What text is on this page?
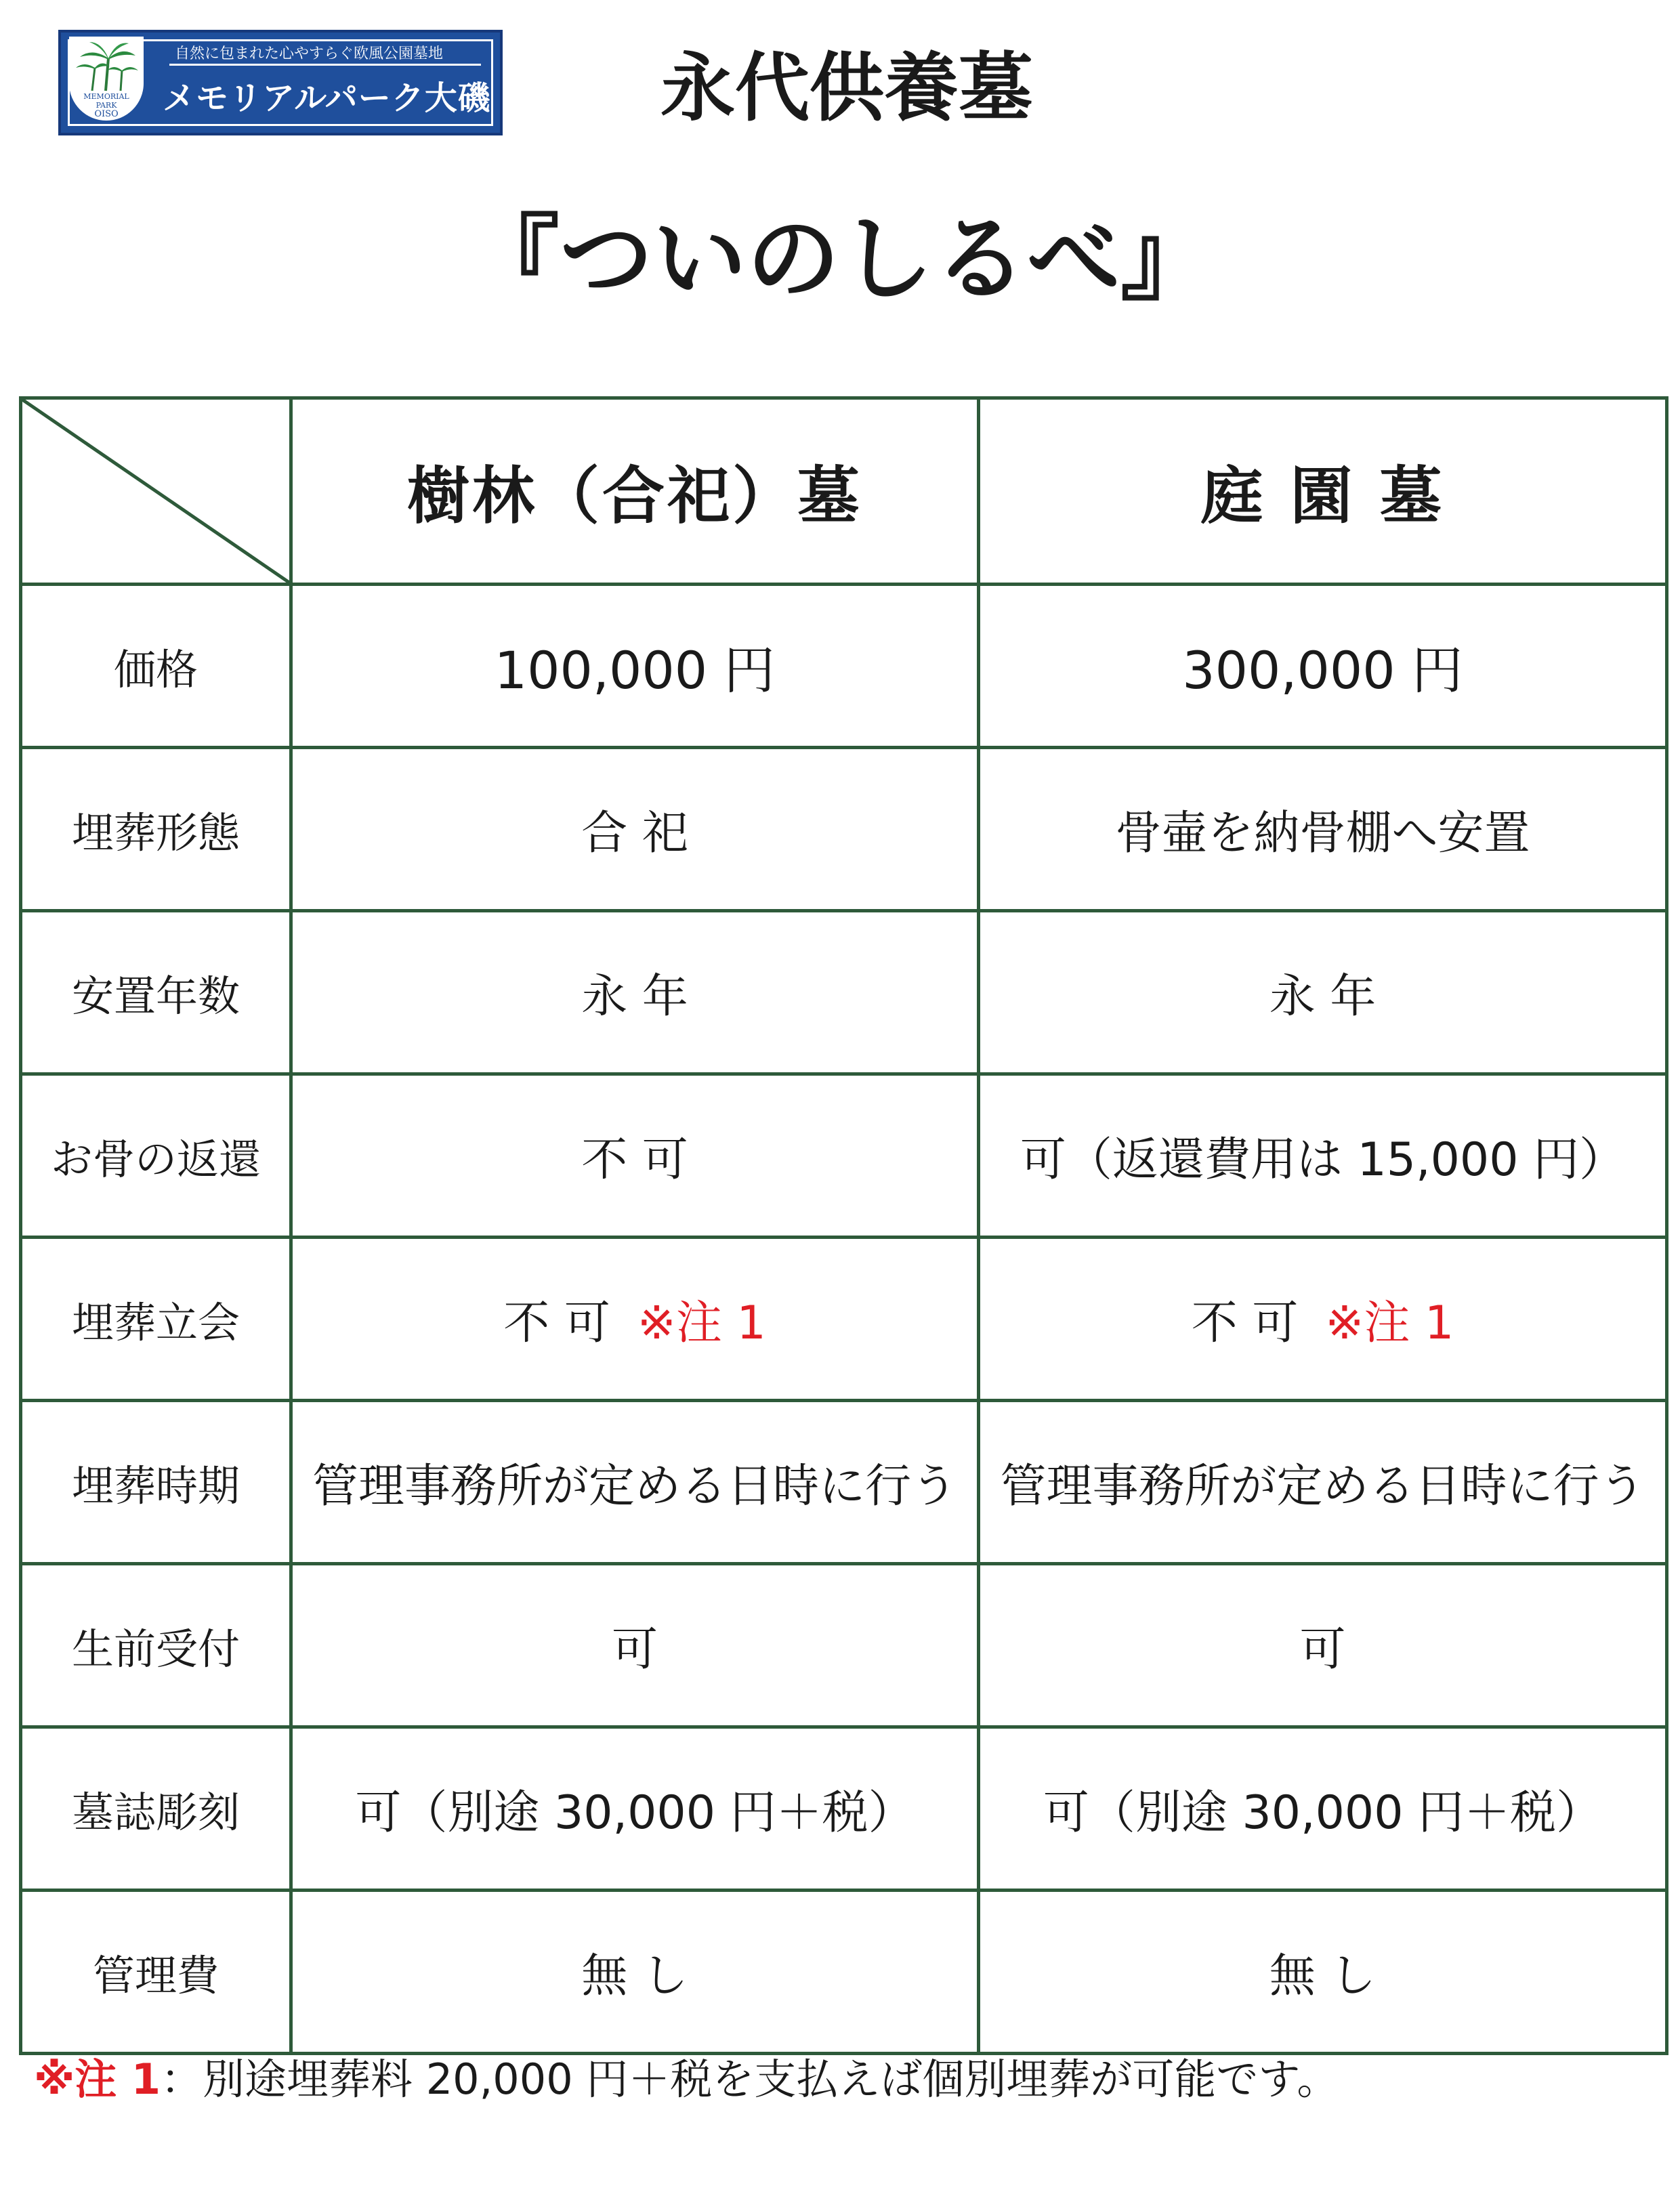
MEMORIAL
PARK
OISO
自然に包まれた心やすらぐ欧風公園墓地
メモリアルパーク大磯	永代供養墓
『ついのしるべ』
	樹林（合祀）墓	庭 園 墓
価格	100,000 円	300,000 円
埋葬形態	合 祀	骨壷を納骨棚へ安置
安置年数	永 年	永 年
お骨の返還	不 可	可（返還費用は 15,000 円）
埋葬立会	不 可 ※注 1	不 可 ※注 1
埋葬時期	管理事務所が定める日時に行う	管理事務所が定める日時に行う
生前受付	可	可
墓誌彫刻	可（別途 30,000 円＋税）	可（別途 30,000 円＋税）
管理費	無 し	無 し
※注 1：別途埋葬料 20,000 円＋税を支払えば個別埋葬が可能です。
